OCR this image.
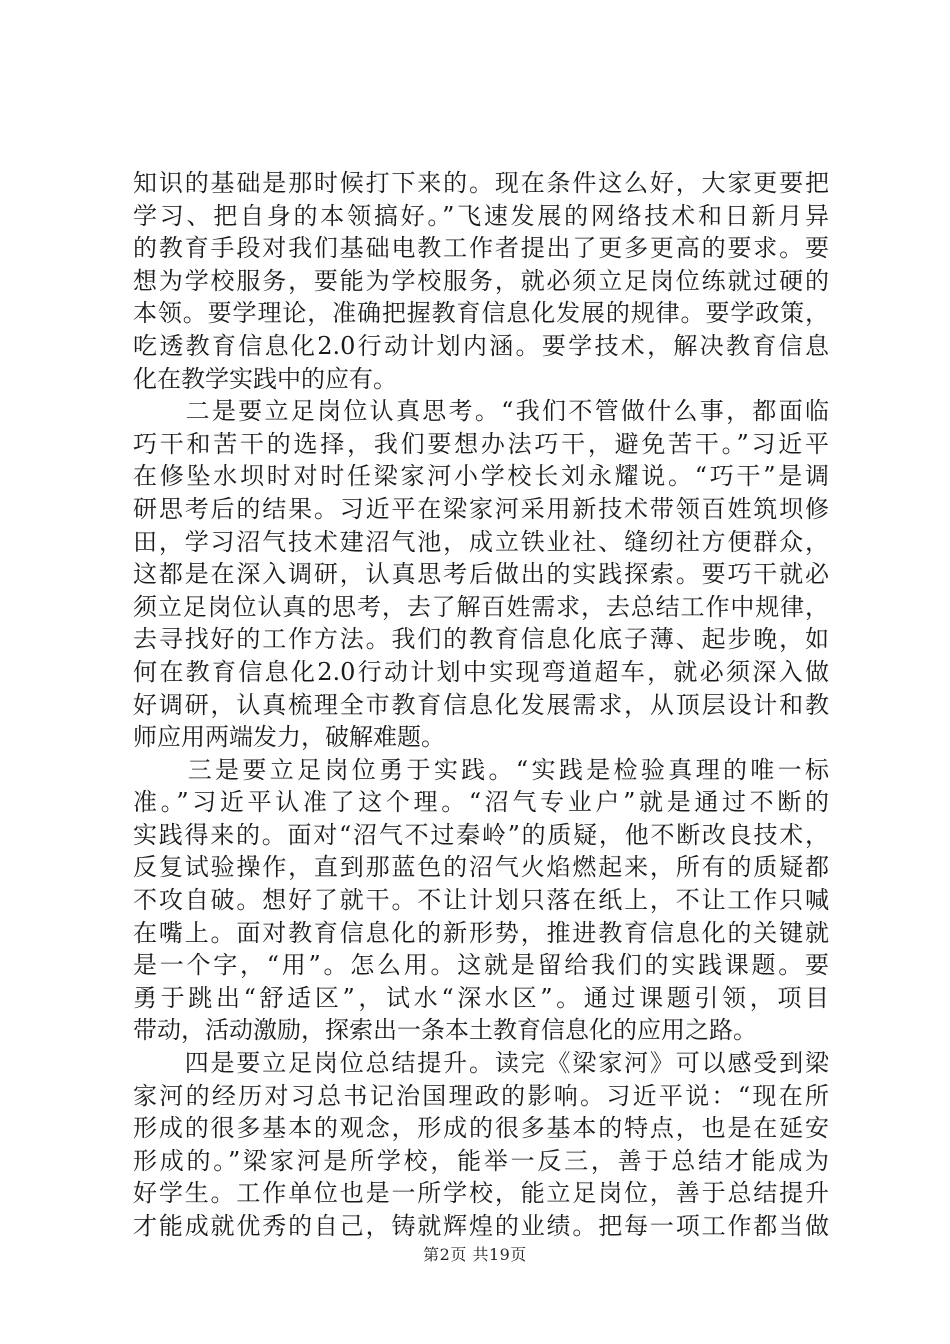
知识的基础是那时候打下来的。现在条件这么好，大家更要把
学习、把自身的本领搞好。”飞速发展的网络技术和日新月异
的教育手段对我们基础电教工作者提出了更多更高的要求。要
想为学校服务，要能为学校服务，就必须立足岗位练就过硬的
本领。要学理论，准确把握教育信息化发展的规律。要学政策，
吃透教育信息化2.0行动计划内涵。要学技术，解决教育信息
化在教学实践中的应有。
　　二是要立足岗位认真思考。“我们不管做什么事，都面临
巧干和苦干的选择，我们要想办法巧干，避免苦干。”习近平
在修坠水坝时对时任梁家河小学校长刘永耀说。“巧干”是调
研思考后的结果。习近平在梁家河采用新技术带领百姓筑坝修
田，学习沼气技术建沼气池，成立铁业社、缝纫社方便群众，
这都是在深入调研，认真思考后做出的实践探索。要巧干就必
须立足岗位认真的思考，去了解百姓需求，去总结工作中规律，
去寻找好的工作方法。我们的教育信息化底子薄、起步晚，如
何在教育信息化2.0行动计划中实现弯道超车，就必须深入做
好调研，认真梳理全市教育信息化发展需求，从顶层设计和教
师应用两端发力，破解难题。
　　三是要立足岗位勇于实践。“实践是检验真理的唯一标
准。”习近平认准了这个理。“沼气专业户”就是通过不断的
实践得来的。面对“沼气不过秦岭”的质疑，他不断改良技术，
反复试验操作，直到那蓝色的沼气火焰燃起来，所有的质疑都
不攻自破。想好了就干。不让计划只落在纸上，不让工作只喊
在嘴上。面对教育信息化的新形势，推进教育信息化的关键就
是一个字，“用”。怎么用。这就是留给我们的实践课题。要
勇于跳出“舒适区”，试水“深水区”。通过课题引领，项目
带动，活动激励，探索出一条本土教育信息化的应用之路。
　　四是要立足岗位总结提升。读完《梁家河》可以感受到梁
家河的经历对习总书记治国理政的影响。习近平说：“现在所
形成的很多基本的观念，形成的很多基本的特点，也是在延安
形成的。”梁家河是所学校，能举一反三，善于总结才能成为
好学生。工作单位也是一所学校，能立足岗位，善于总结提升
才能成就优秀的自己，铸就辉煌的业绩。把每一项工作都当做
第2页 共19页
